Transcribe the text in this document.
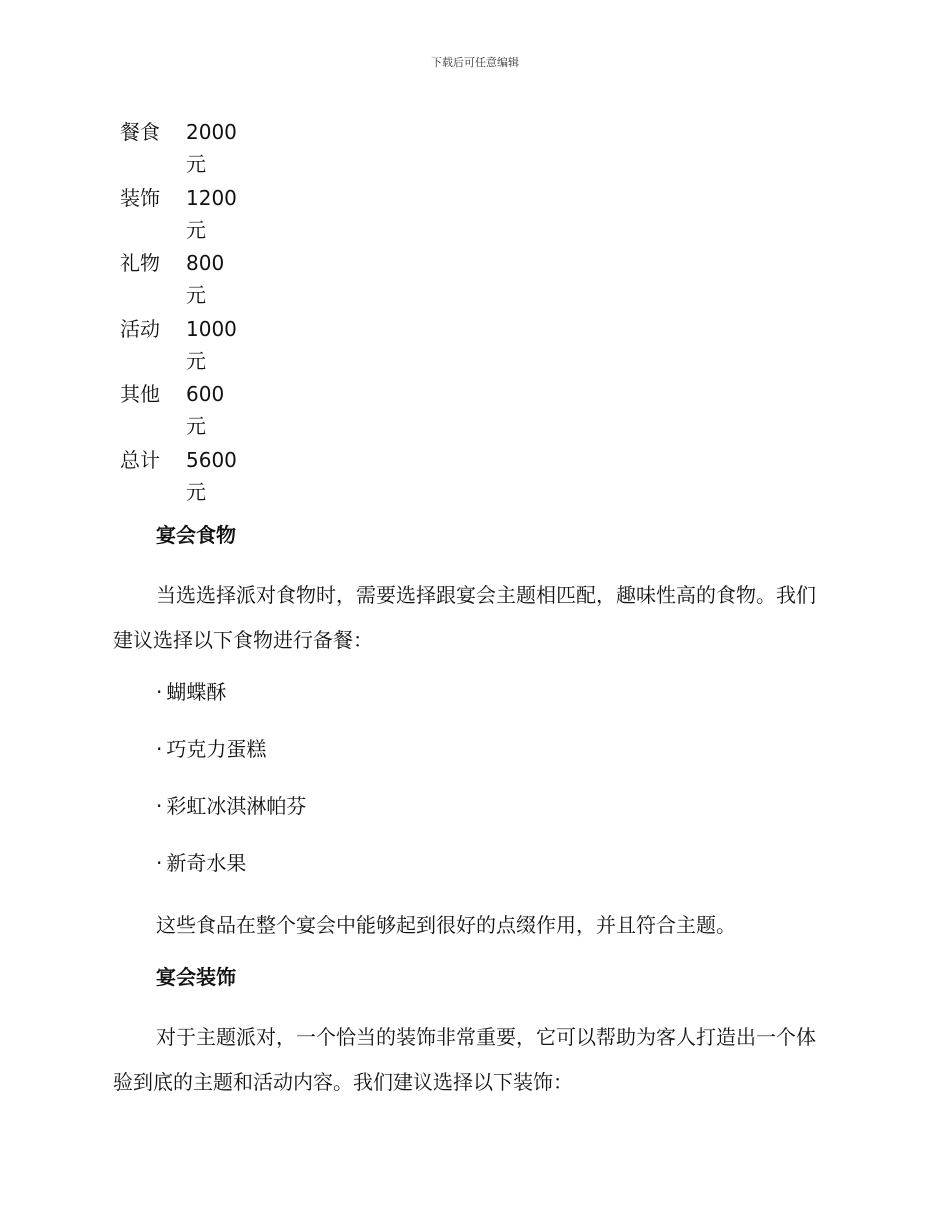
下载后可任意编辑
餐食	2000元
装饰	1200元
礼物	800元
活动	1000元
其他	600元
总计	5600元
宴会食物

当选选择派对食物时，需要选择跟宴会主题相匹配，趣味性高的食物。我们建议选择以下食物进行备餐：

· 蝴蝶酥
· 巧克力蛋糕
· 彩虹冰淇淋帕芬
· 新奇水果

这些食品在整个宴会中能够起到很好的点缀作用，并且符合主题。

宴会装饰

对于主题派对，一个恰当的装饰非常重要，它可以帮助为客人打造出一个体验到底的主题和活动内容。我们建议选择以下装饰：
